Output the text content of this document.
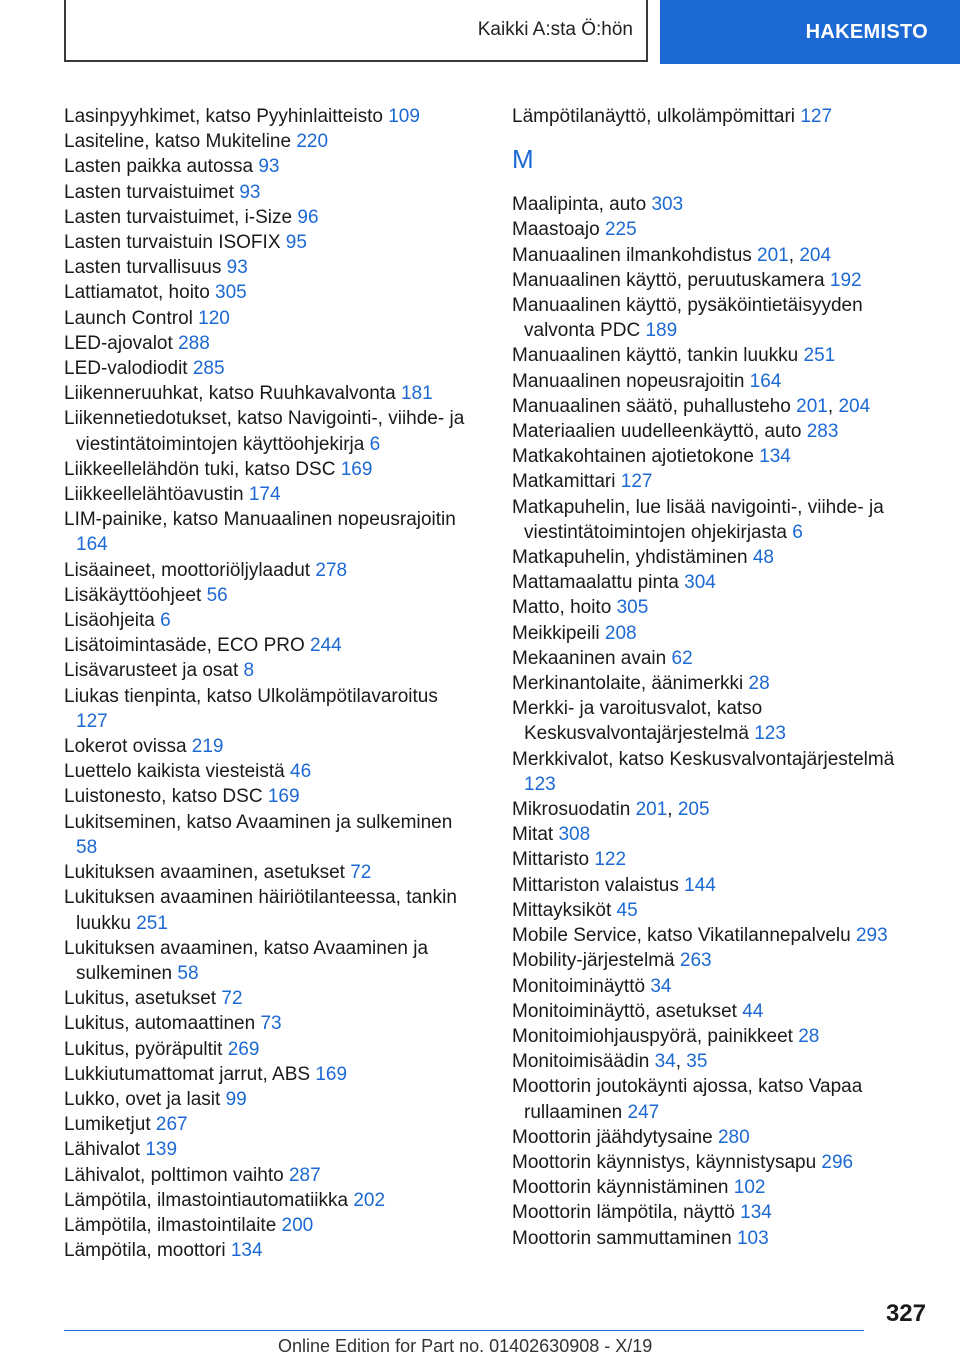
Kaikki A:sta Ö:hön	HAKEMISTO
Lasinpyyhkimet, katso Pyyhinlaitteisto 109
Lasiteline, katso Mukiteline 220
Lasten paikka autossa 93
Lasten turvaistuimet 93
Lasten turvaistuimet, i-Size 96
Lasten turvaistuin ISOFIX 95
Lasten turvallisuus 93
Lattiamatot, hoito 305
Launch Control 120
LED-ajovalot 288
LED-valodiodit 285
Liikenneruuhkat, katso Ruuhkavalvonta 181
Liikennetiedotukset, katso Navigointi-, viihde- ja viestintätoimintojen käyttöohjekirja 6
Liikkeellelähdön tuki, katso DSC 169
Liikkeellelähtöavustin 174
LIM-painike, katso Manuaalinen nopeusrajoitin 164
Lisäaineet, moottoriöljylaadut 278
Lisäkäyttöohjeet 56
Lisäohjeita 6
Lisätoimintasäde, ECO PRO 244
Lisävarusteet ja osat 8
Liukas tienpinta, katso Ulkolämpötilavaroitus 127
Lokerot ovissa 219
Luettelo kaikista viesteistä 46
Luistonesto, katso DSC 169
Lukitseminen, katso Avaaminen ja sulkeminen 58
Lukituksen avaaminen, asetukset 72
Lukituksen avaaminen häiriötilanteessa, tankin luukku 251
Lukituksen avaaminen, katso Avaaminen ja sulkeminen 58
Lukitus, asetukset 72
Lukitus, automaattinen 73
Lukitus, pyöräpultit 269
Lukkiutumattomat jarrut, ABS 169
Lukko, ovet ja lasit 99
Lumiketjut 267
Lähivalot 139
Lähivalot, polttimon vaihto 287
Lämpötila, ilmastointiautomatiikka 202
Lämpötila, ilmastointilaite 200
Lämpötila, moottori 134
Lämpötilanäyttö, ulkolämpömittari 127
M
Maalipinta, auto 303
Maastoajo 225
Manuaalinen ilmankohdistus 201, 204
Manuaalinen käyttö, peruutuskamera 192
Manuaalinen käyttö, pysäköintietäisyyden valvonta PDC 189
Manuaalinen käyttö, tankin luukku 251
Manuaalinen nopeusrajoitin 164
Manuaalinen säätö, puhallusteho 201, 204
Materiaalien uudelleenkäyttö, auto 283
Matkakohtainen ajotietokone 134
Matkamittari 127
Matkapuhelin, lue lisää navigointi-, viihde- ja viestintätoimintojen ohjekirjasta 6
Matkapuhelin, yhdistäminen 48
Mattamaalattu pinta 304
Matto, hoito 305
Meikkipeili 208
Mekaaninen avain 62
Merkinantolaite, äänimerkki 28
Merkki- ja varoitusvalot, katso Keskusvalvontajärjestelmä 123
Merkkivalot, katso Keskusvalvontajärjestelmä 123
Mikrosuodatin 201, 205
Mitat 308
Mittaristo 122
Mittariston valaistus 144
Mittayksiköt 45
Mobile Service, katso Vikatilannepalvelu 293
Mobility-järjestelmä 263
Monitoiminäyttö 34
Monitoiminäyttö, asetukset 44
Monitoimiohjauspyörä, painikkeet 28
Monitoimisäädin 34, 35
Moottorin joutokäynti ajossa, katso Vapaa rullaaminen 247
Moottorin jäähdytysaine 280
Moottorin käynnistys, käynnistysapu 296
Moottorin käynnistäminen 102
Moottorin lämpötila, näyttö 134
Moottorin sammuttaminen 103
327
Online Edition for Part no. 01402630908 - X/19
